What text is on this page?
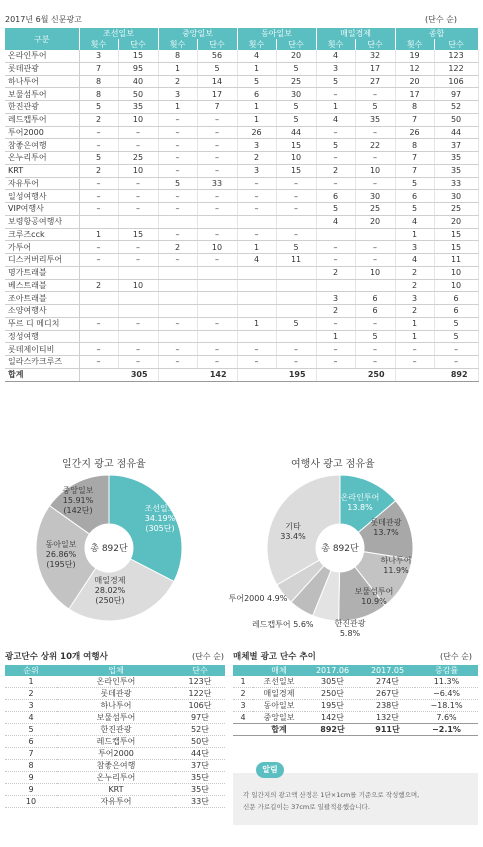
2017년 6월 신문광고	(단수 순)
구분	조선일보		중앙일보		동아일보		매일경제		종합	
	횟수	단수	횟수	단수	횟수	단수	횟수	단수	횟수	단수
온라인투어	3	15	8	56	4	20	4	32	19	123
롯데관광	7	95	1	5	1	5	3	17	12	122
하나투어	8	40	2	14	5	25	5	27	20	106
보물섬투어	8	50	3	17	6	30	–	–	17	97
한진관광	5	35	1	7	1	5	1	5	8	52
레드캡투어	2	10	–	–	1	5	4	35	7	50
투어2000	–	–	–	–	26	44	–	–	26	44
참좋은여행	–	–	–	–	3	15	5	22	8	37
온누리투어	5	25	–	–	2	10	–	–	7	35
KRT	2	10	–	–	3	15	2	10	7	35
자유투어	–	–	5	33	–	–	–	–	5	33
일성여행사	–	–	–	–	–	–	6	30	6	30
VIP여행사	–	–	–	–	–	–	5	25	5	25
보령항공여행사							4	20	4	20
크루즈cck	1	15	–	–	–	–			1	15
가투어	–	–	2	10	1	5	–	–	3	15
디스커버리투어	–	–	–	–	4	11	–	–	4	11
명가트래블							2	10	2	10
베스트래블	2	10							2	10
조아트래블							3	6	3	6
소양여행사							2	6	2	6
뚜르 디 메디치	–	–	–	–	1	5	–	–	1	5
정성여행							1	5	1	5
롯데제이티비	–	–	–	–	–	–	–	–	–	–
일라스카크루즈	–	–	–	–	–	–	–	–	–	–
합계	305		142		195		250		892	
일간지 광고 점유율	여행사 광고 점유율
조선일보
34.19%
(305단)
매일경제
28.02%
(250단)
동아일보
26.86%
(195단)
중앙일보
15.91%
(142단)
총 892단
온라인투어
13.8%
롯데관광
13.7%
하나투어
11.9%
보물섬투어
10.9%
한진관광
5.8%
레드캡투어 5.6%
투어2000 4.9%
기타
33.4%
총 892단
광고단수 상위 10개 여행사	(단수 순)
순위	업체	단수
1	온라인투어	123단
2	롯데관광	122단
3	하나투어	106단
4	보물섬투어	97단
5	한진관광	52단
6	레드캡투어	50단
7	투어2000	44단
8	참좋은여행	37단
9	온누리투어	35단
9	KRT	35단
10	자유투어	33단
매체별 광고 단수 추이	(단수 순)
	매체	2017.06	2017.05	증감률
1	조선일보	305단	274단	11.3%
2	매일경제	250단	267단	−6.4%
3	동아일보	195단	238단	−18.1%
4	중앙일보	142단	132단	7.6%
	합계	892단	911단	−2.1%
각 일간지의 광고액 산정은 1단×1cm를 기준으로 작성했으며,
신문 가로길이는 37cm로 일괄적용했습니다.
알림
